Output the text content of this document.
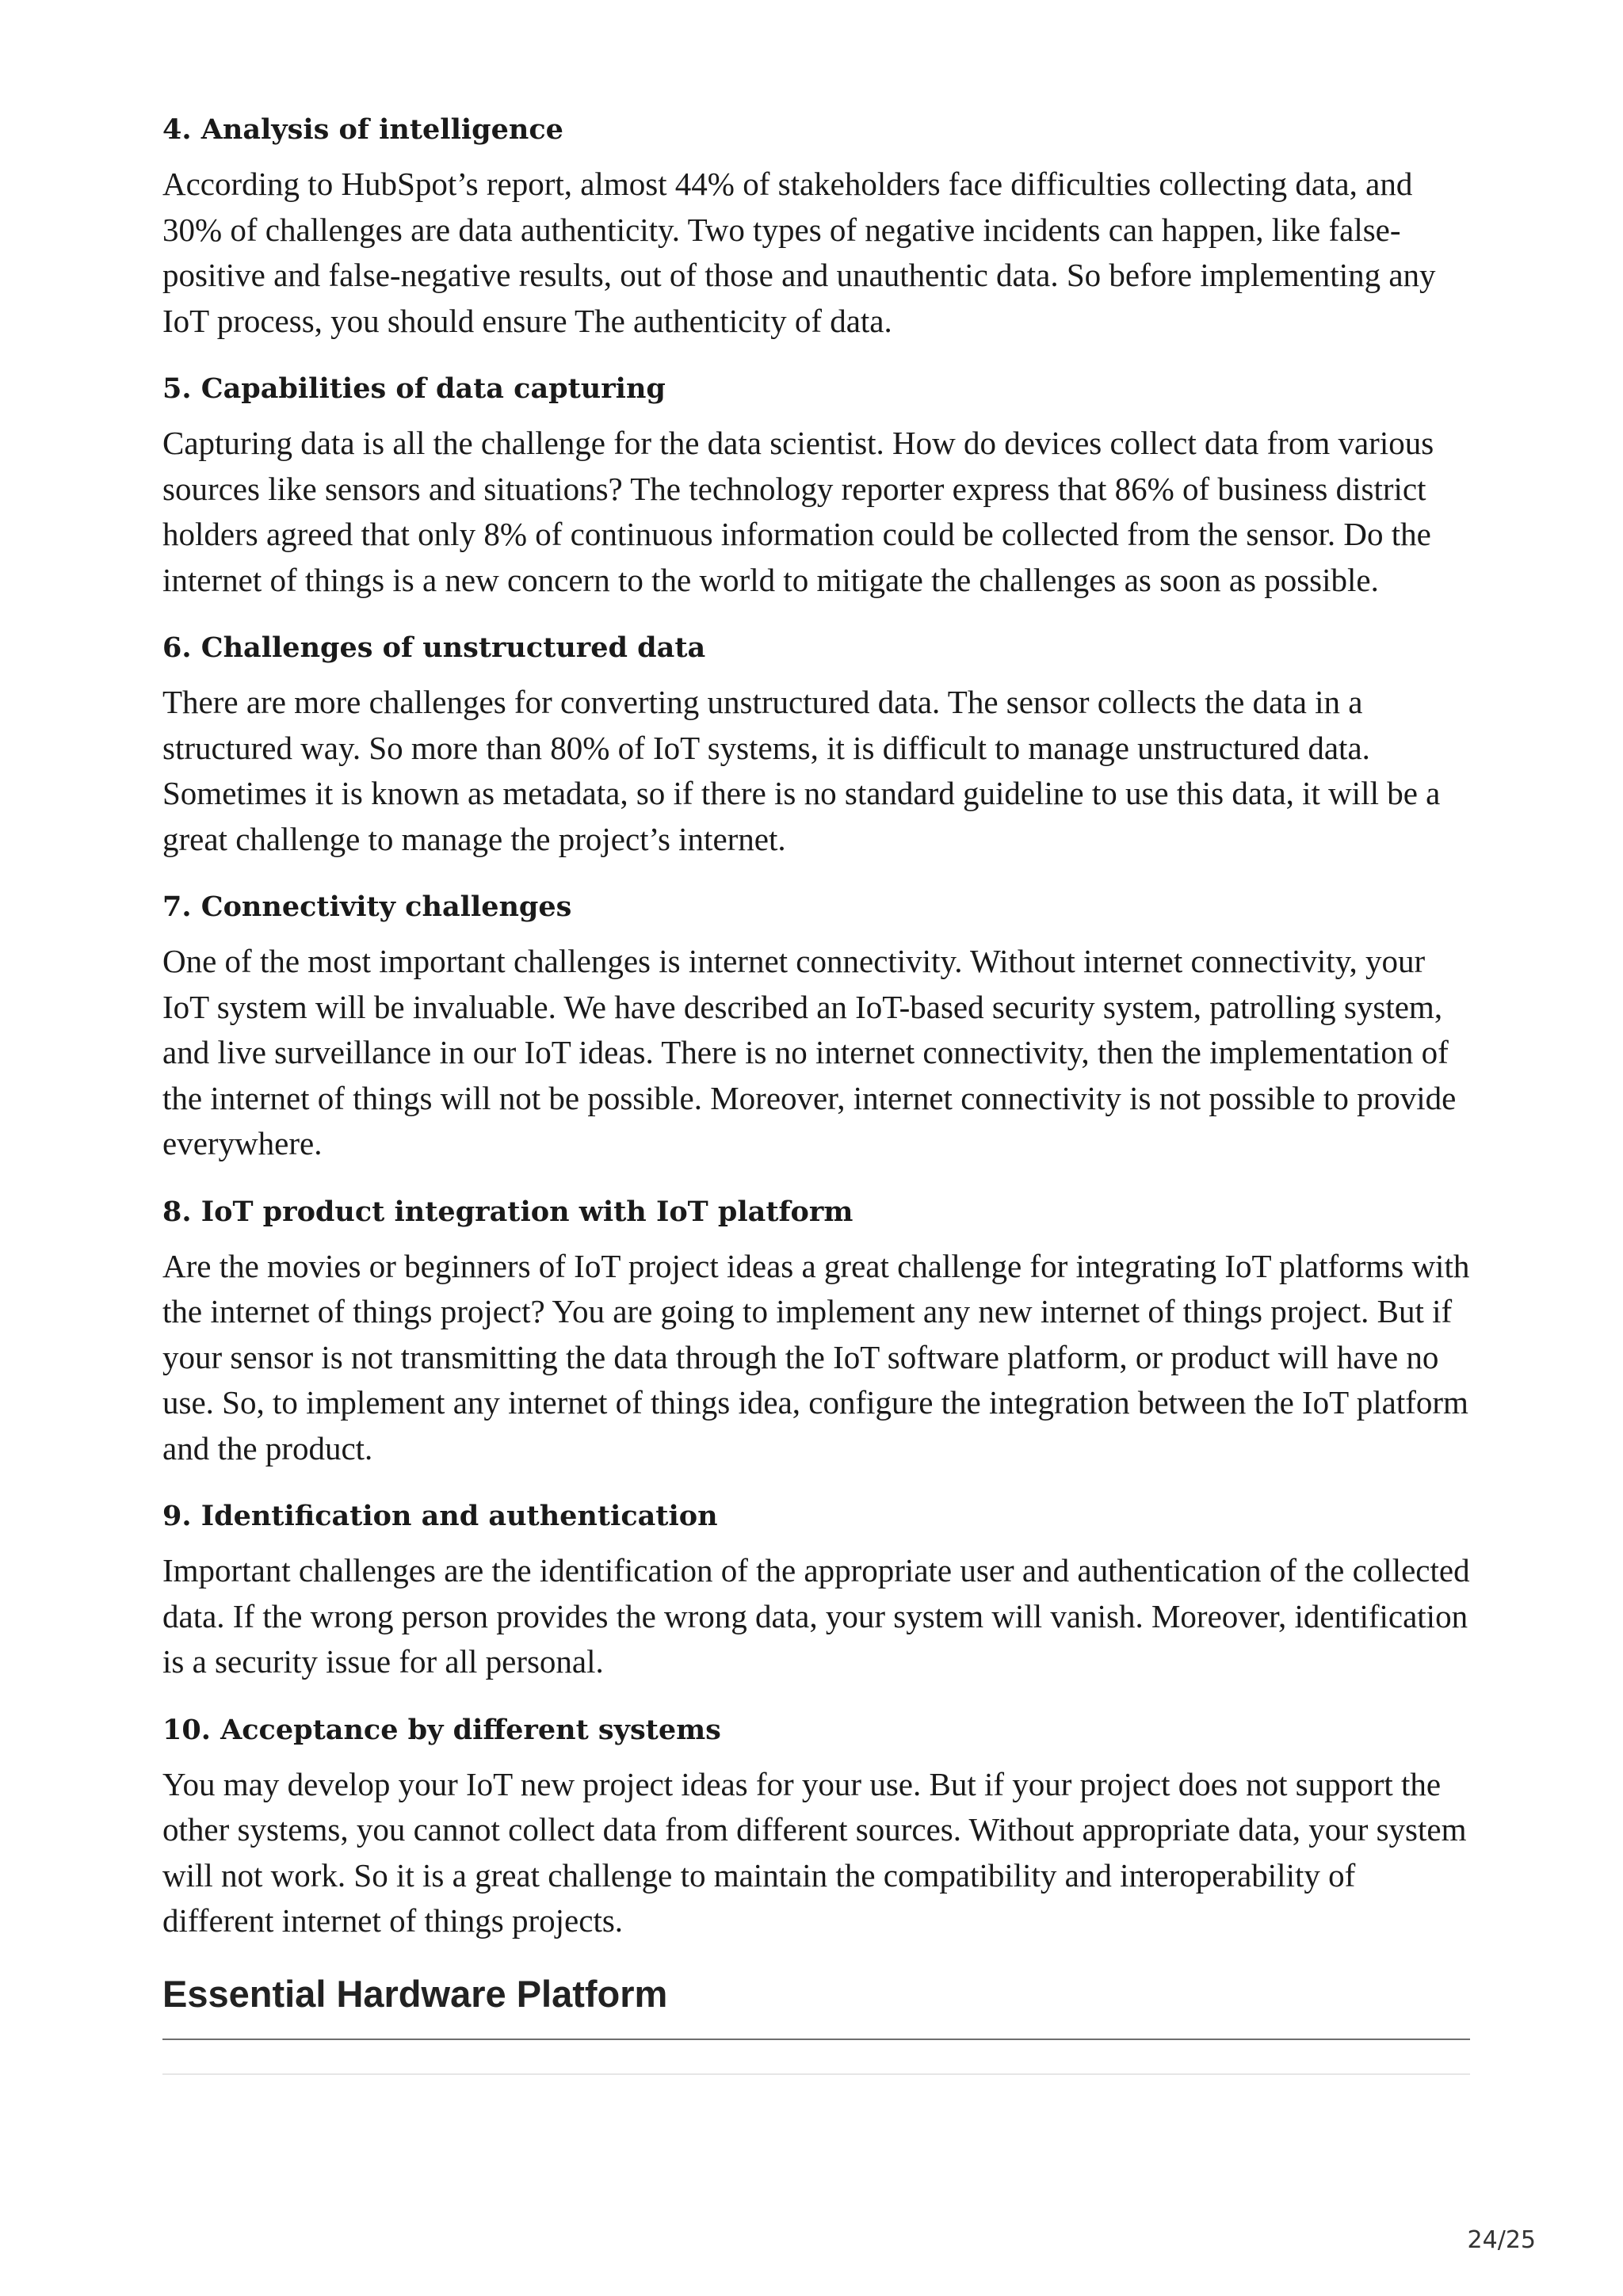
4. Analysis of intelligence

According to HubSpot’s report, almost 44% of stakeholders face difficulties collecting data, and 30% of challenges are data authenticity. Two types of negative incidents can happen, like false-positive and false-negative results, out of those and unauthentic data. So before implementing any IoT process, you should ensure The authenticity of data.

5. Capabilities of data capturing

Capturing data is all the challenge for the data scientist. How do devices collect data from various sources like sensors and situations? The technology reporter express that 86% of business district holders agreed that only 8% of continuous information could be collected from the sensor. Do the internet of things is a new concern to the world to mitigate the challenges as soon as possible.

6. Challenges of unstructured data

There are more challenges for converting unstructured data. The sensor collects the data in a structured way. So more than 80% of IoT systems, it is difficult to manage unstructured data. Sometimes it is known as metadata, so if there is no standard guideline to use this data, it will be a great challenge to manage the project’s internet.

7. Connectivity challenges

One of the most important challenges is internet connectivity. Without internet connectivity, your IoT system will be invaluable. We have described an IoT-based security system, patrolling system, and live surveillance in our IoT ideas. There is no internet connectivity, then the implementation of the internet of things will not be possible. Moreover, internet connectivity is not possible to provide everywhere.

8. IoT product integration with IoT platform

Are the movies or beginners of IoT project ideas a great challenge for integrating IoT platforms with the internet of things project? You are going to implement any new internet of things project. But if your sensor is not transmitting the data through the IoT software platform, or product will have no use. So, to implement any internet of things idea, configure the integration between the IoT platform and the product.

9. Identification and authentication

Important challenges are the identification of the appropriate user and authentication of the collected data. If the wrong person provides the wrong data, your system will vanish. Moreover, identification is a security issue for all personal.

10. Acceptance by different systems

You may develop your IoT new project ideas for your use. But if your project does not support the other systems, you cannot collect data from different sources. Without appropriate data, your system will not work. So it is a great challenge to maintain the compatibility and interoperability of different internet of things projects.

Essential Hardware Platform
24/25
